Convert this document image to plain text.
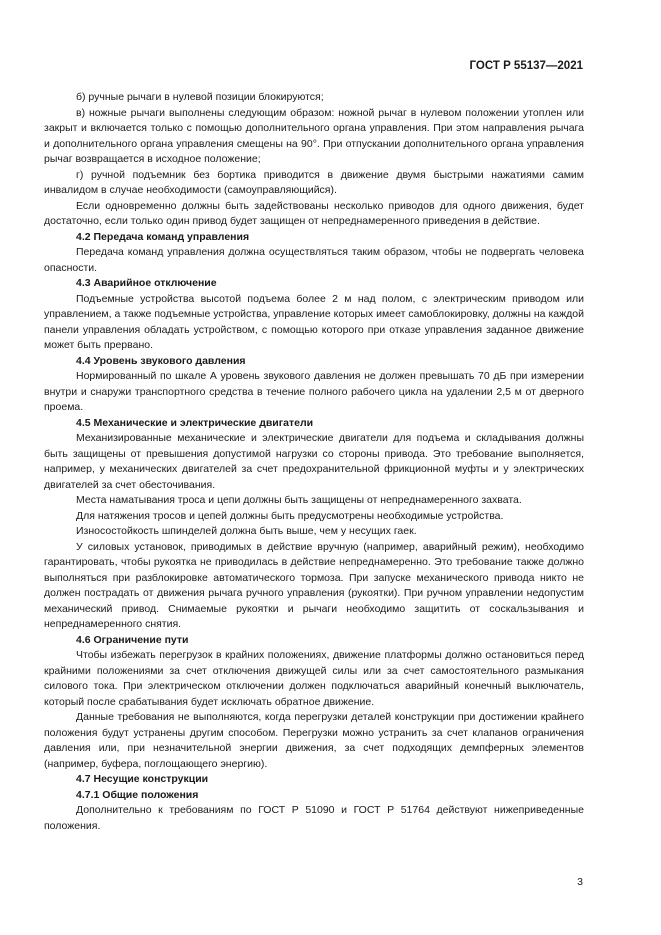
ГОСТ Р 55137—2021

б) ручные рычаги в нулевой позиции блокируются;

в) ножные рычаги выполнены следующим образом: ножной рычаг в нулевом положении утоплен или закрыт и включается только с помощью дополнительного органа управления. При этом направления рычага и дополнительного органа управления смещены на 90°. При отпускании дополнительного органа управления рычаг возвращается в исходное положение;

г) ручной подъемник без бортика приводится в движение двумя быстрыми нажатиями самим инвалидом в случае необходимости (самоуправляющийся).

Если одновременно должны быть задействованы несколько приводов для одного движения, будет достаточно, если только один привод будет защищен от непреднамеренного приведения в действие.

4.2 Передача команд управления

Передача команд управления должна осуществляться таким образом, чтобы не подвергать человека опасности.

4.3 Аварийное отключение

Подъемные устройства высотой подъема более 2 м над полом, с электрическим приводом или управлением, а также подъемные устройства, управление которых имеет самоблокировку, должны на каждой панели управления обладать устройством, с помощью которого при отказе управления заданное движение может быть прервано.

4.4 Уровень звукового давления

Нормированный по шкале А уровень звукового давления не должен превышать 70 дБ при измерении внутри и снаружи транспортного средства в течение полного рабочего цикла на удалении 2,5 м от дверного проема.

4.5 Механические и электрические двигатели

Механизированные механические и электрические двигатели для подъема и складывания должны быть защищены от превышения допустимой нагрузки со стороны привода. Это требование выполняется, например, у механических двигателей за счет предохранительной фрикционной муфты и у электрических двигателей за счет обесточивания.

Места наматывания троса и цепи должны быть защищены от непреднамеренного захвата.

Для натяжения тросов и цепей должны быть предусмотрены необходимые устройства.

Износостойкость шпинделей должна быть выше, чем у несущих гаек.

У силовых установок, приводимых в действие вручную (например, аварийный режим), необходимо гарантировать, чтобы рукоятка не приводилась в действие непреднамеренно. Это требование также должно выполняться при разблокировке автоматического тормоза. При запуске механического привода никто не должен пострадать от движения рычага ручного управления (рукоятки). При ручном управлении недопустим механический привод. Снимаемые рукоятки и рычаги необходимо защитить от соскальзывания и непреднамеренного снятия.

4.6 Ограничение пути

Чтобы избежать перегрузок в крайних положениях, движение платформы должно остановиться перед крайними положениями за счет отключения движущей силы или за счет самостоятельного размыкания силового тока. При электрическом отключении должен подключаться аварийный конечный выключатель, который после срабатывания будет исключать обратное движение.

Данные требования не выполняются, когда перегрузки деталей конструкции при достижении крайнего положения будут устранены другим способом. Перегрузки можно устранить за счет клапанов ограничения давления или, при незначительной энергии движения, за счет подходящих демпферных элементов (например, буфера, поглощающего энергию).

4.7 Несущие конструкции

4.7.1 Общие положения

Дополнительно к требованиям по ГОСТ Р 51090 и ГОСТ Р 51764 действуют нижеприведенные положения.

3
